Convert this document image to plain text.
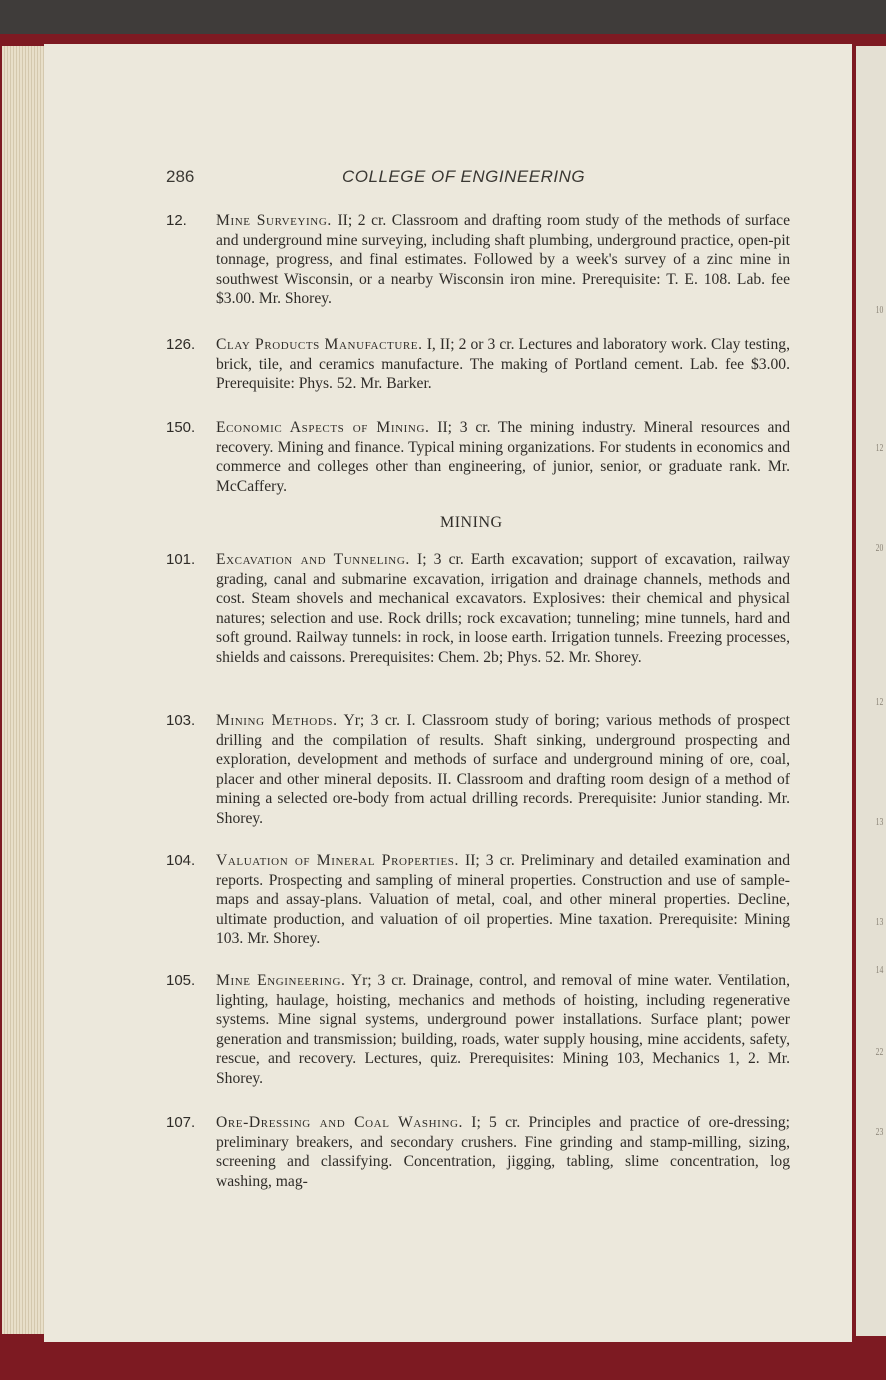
10
12
20
12
13
13
14
22
23
286	COLLEGE OF ENGINEERING
12. Mine Surveying. II; 2 cr. Classroom and drafting room study of the methods of surface and underground mine surveying, including shaft plumbing, underground practice, open-pit tonnage, progress, and final estimates. Followed by a week's survey of a zinc mine in southwest Wisconsin, or a nearby Wisconsin iron mine. Prerequisite: T. E. 108. Lab. fee $3.00. Mr. Shorey.
126. Clay Products Manufacture. I, II; 2 or 3 cr. Lectures and laboratory work. Clay testing, brick, tile, and ceramics manufacture. The making of Portland cement. Lab. fee $3.00. Prerequisite: Phys. 52. Mr. Barker.
150. Economic Aspects of Mining. II; 3 cr. The mining industry. Mineral resources and recovery. Mining and finance. Typical mining organizations. For students in economics and commerce and colleges other than engineering, of junior, senior, or graduate rank. Mr. McCaffery.
MINING
101. Excavation and Tunneling. I; 3 cr. Earth excavation; support of excavation, railway grading, canal and submarine excavation, irrigation and drainage channels, methods and cost. Steam shovels and mechanical excavators. Explosives: their chemical and physical natures; selection and use. Rock drills; rock excavation; tunneling; mine tunnels, hard and soft ground. Railway tunnels: in rock, in loose earth. Irrigation tunnels. Freezing processes, shields and caissons. Prerequisites: Chem. 2b; Phys. 52. Mr. Shorey.
103. Mining Methods. Yr; 3 cr. I. Classroom study of boring; various methods of prospect drilling and the compilation of results. Shaft sinking, underground prospecting and exploration, development and methods of surface and underground mining of ore, coal, placer and other mineral deposits. II. Classroom and drafting room design of a method of mining a selected ore-body from actual drilling records. Prerequisite: Junior standing. Mr. Shorey.
104. Valuation of Mineral Properties. II; 3 cr. Preliminary and detailed examination and reports. Prospecting and sampling of mineral properties. Construction and use of sample-maps and assay-plans. Valuation of metal, coal, and other mineral properties. Decline, ultimate production, and valuation of oil properties. Mine taxation. Prerequisite: Mining 103. Mr. Shorey.
105. Mine Engineering. Yr; 3 cr. Drainage, control, and removal of mine water. Ventilation, lighting, haulage, hoisting, mechanics and methods of hoisting, including regenerative systems. Mine signal systems, underground power installations. Surface plant; power generation and transmission; building, roads, water supply housing, mine accidents, safety, rescue, and recovery. Lectures, quiz. Prerequisites: Mining 103, Mechanics 1, 2. Mr. Shorey.
107. Ore-Dressing and Coal Washing. I; 5 cr. Principles and practice of ore-dressing; preliminary breakers, and secondary crushers. Fine grinding and stamp-milling, sizing, screening and classifying. Concentration, jigging, tabling, slime concentration, log washing, mag-
